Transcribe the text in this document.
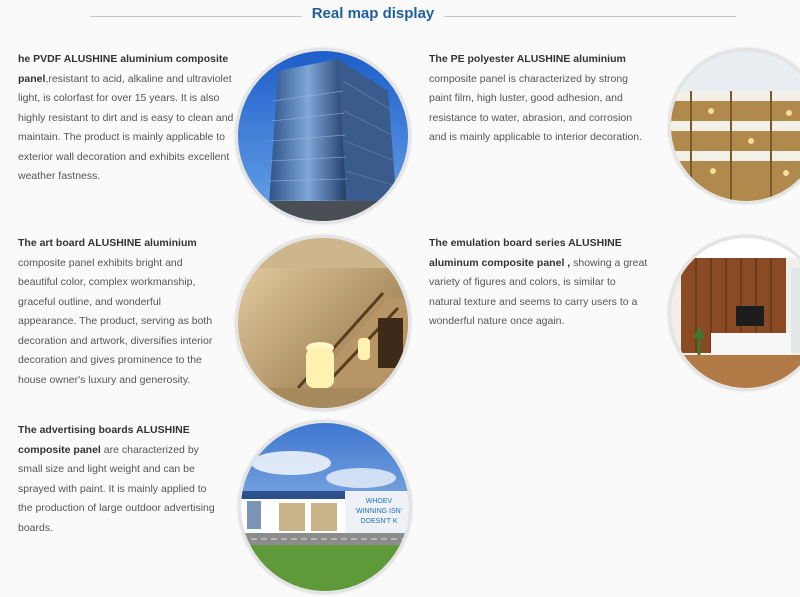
Real map display
he PVDF ALUSHINE aluminium composite panel,resistant to acid, alkaline and ultraviolet light, is colorfast for over 15 years. It is also highly resistant to dirt and is easy to clean and maintain. The product is mainly applicable to exterior wall decoration and exhibits excellent weather fastness.
The PE polyester ALUSHINE aluminium composite panel is characterized by strong paint film, high luster, good adhesion, and resistance to water, abrasion, and corrosion and is mainly applicable to interior decoration.
The art board ALUSHINE aluminium composite panel exhibits bright and beautiful color, complex workmanship, graceful outline, and wonderful appearance. The product, serving as both decoration and artwork, diversifies interior decoration and gives prominence to the house owner's luxury and generosity.
The emulation board series ALUSHINE aluminum composite panel , showing a great variety of figures and colors, is similar to natural texture and seems to carry users to a wonderful nature once again.
The advertising boards ALUSHINE composite panel are characterized by small size and light weight and can be sprayed with paint. It is mainly applied to the production of large outdoor advertising boards.
WHOEV
WINNING ISN'
DOESN'T K
